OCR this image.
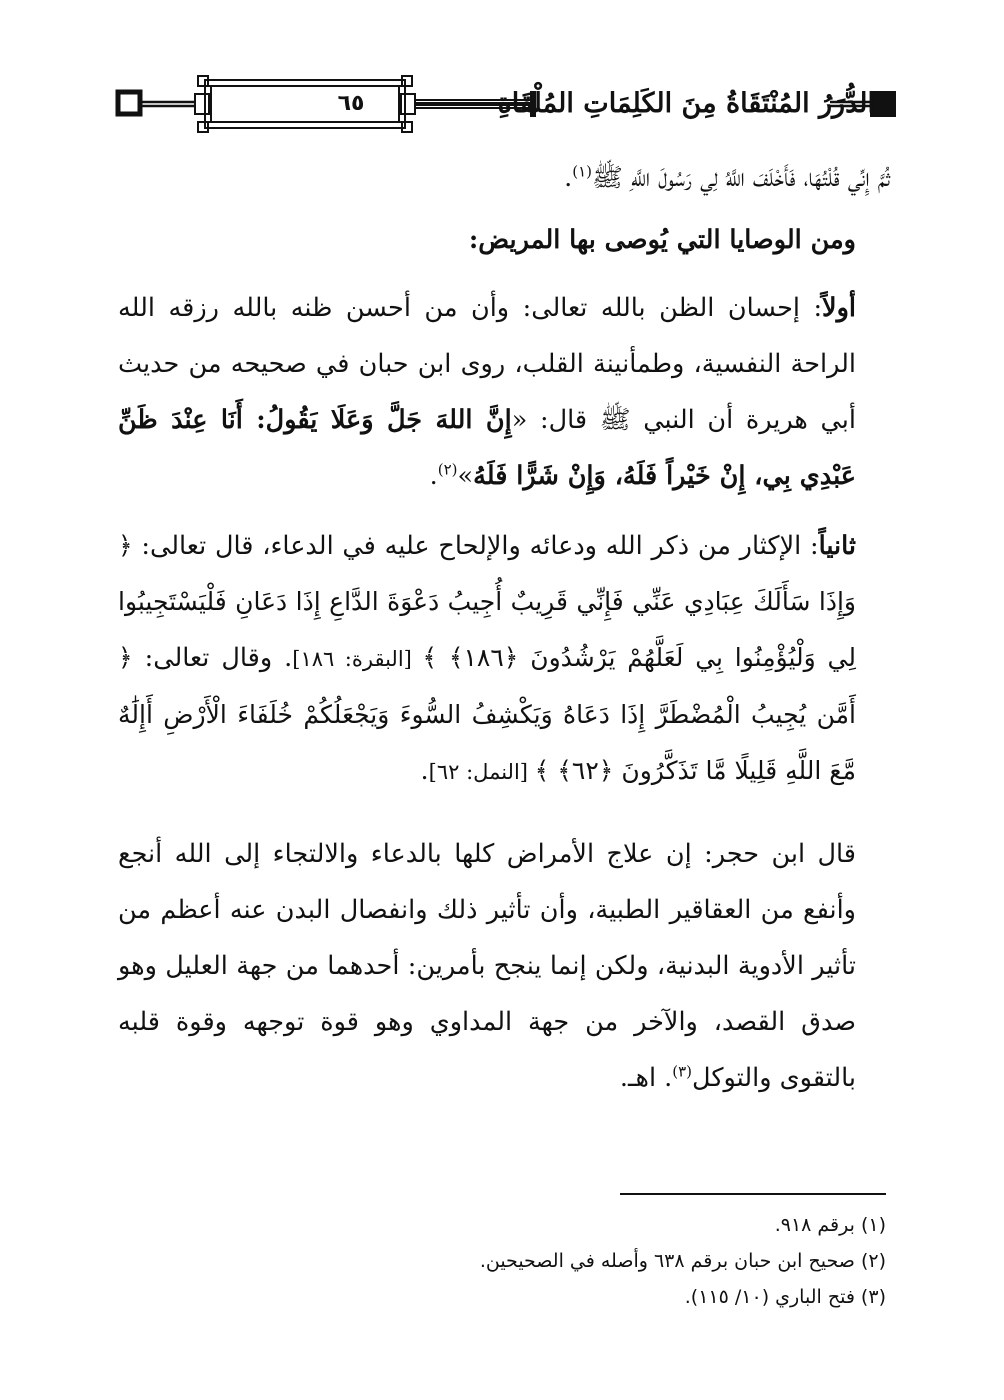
٦٥	الدُّرَرُ المُنْتَقَاةُ مِنَ الكَلِمَاتِ المُلْقَاةِ

ثُمَّ إِنِّي قُلْتُهَا، فَأَخْلَفَ اللَّهُ لِي رَسُولَ اللَّهِ ﷺ$^{(١)}$.

ومن الوصايا التي يُوصى بها المريض:

أولاً: إحسان الظن بالله تعالى: وأن من أحسن ظنه بالله رزقه الله الراحة النفسية، وطمأنينة القلب، روى ابن حبان في صحيحه من حديث أبي هريرة أن النبي ﷺ قال: «إِنَّ اللهَ جَلَّ وَعَلَا يَقُولُ: أَنَا عِنْدَ ظَنِّ عَبْدِي بِي، إِنْ خَيْراً فَلَهُ، وَإِنْ شَرًّا فَلَهُ»$^{(٢)}$.

ثانياً: الإكثار من ذكر الله ودعائه والإلحاح عليه في الدعاء، قال تعالى: ﴿ وَإِذَا سَأَلَكَ عِبَادِي عَنِّي فَإِنِّي قَرِيبٌ أُجِيبُ دَعْوَةَ الدَّاعِ إِذَا دَعَانِ فَلْيَسْتَجِيبُوا لِي وَلْيُؤْمِنُوا بِي لَعَلَّهُمْ يَرْشُدُونَ ﴿١٨٦﴾ ﴾ [البقرة: ١٨٦]. وقال تعالى: ﴿ أَمَّن يُجِيبُ الْمُضْطَرَّ إِذَا دَعَاهُ وَيَكْشِفُ السُّوءَ وَيَجْعَلُكُمْ خُلَفَاءَ الْأَرْضِ أَإِلَٰهٌ مَّعَ اللَّهِ قَلِيلًا مَّا تَذَكَّرُونَ ﴿٦٢﴾ ﴾ [النمل: ٦٢].

قال ابن حجر: إن علاج الأمراض كلها بالدعاء والالتجاء إلى الله أنجع وأنفع من العقاقير الطبية، وأن تأثير ذلك وانفصال البدن عنه أعظم من تأثير الأدوية البدنية، ولكن إنما ينجح بأمرين: أحدهما من جهة العليل وهو صدق القصد، والآخر من جهة المداوي وهو قوة توجهه وقوة قلبه بالتقوى والتوكل$^{(٣)}$. اهـ.

(١) برقم ٩١٨.

(٢) صحيح ابن حبان برقم ٦٣٨ وأصله في الصحيحين.

(٣) فتح الباري (١٠/ ١١٥).
